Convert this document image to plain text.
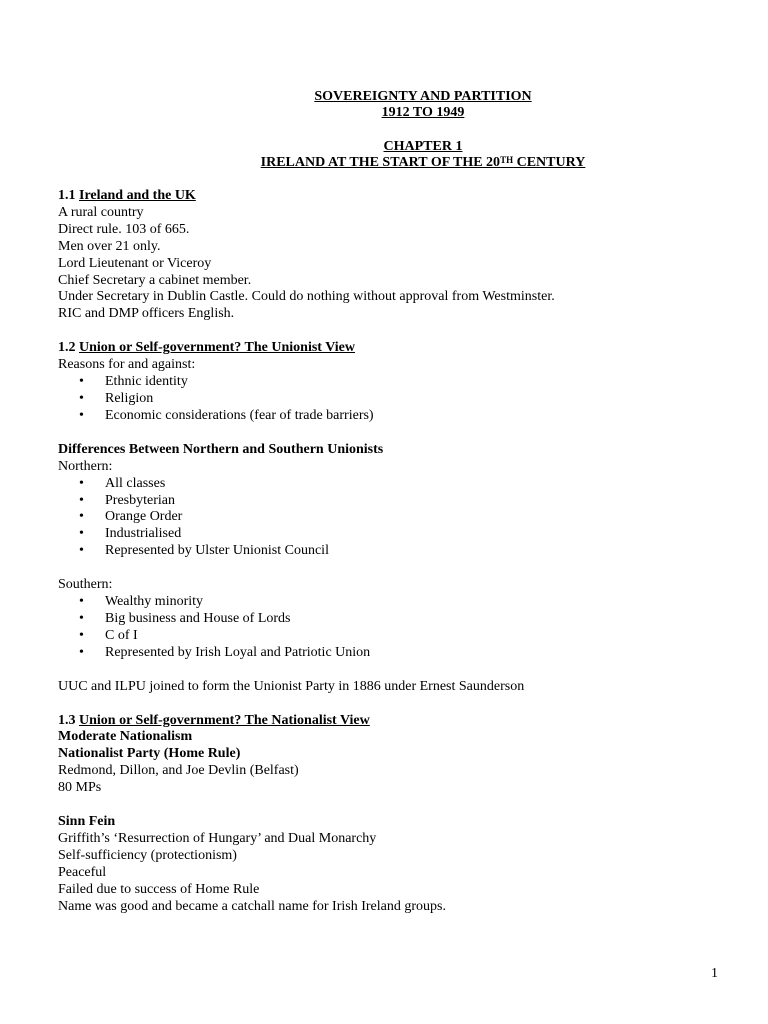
SOVEREIGNTY AND PARTITION
1912 TO 1949
CHAPTER 1
IRELAND AT THE START OF THE 20TH CENTURY
1.1 Ireland and the UK
A rural country
Direct rule. 103 of 665.
Men over 21 only.
Lord Lieutenant or Viceroy
Chief Secretary a cabinet member.
Under Secretary in Dublin Castle. Could do nothing without approval from Westminster.
RIC and DMP officers English.
1.2 Union or Self-government? The Unionist View
Reasons for and against:
• Ethnic identity
• Religion
• Economic considerations (fear of trade barriers)
Differences Between Northern and Southern Unionists
Northern:
• All classes
• Presbyterian
• Orange Order
• Industrialised
• Represented by Ulster Unionist Council
Southern:
• Wealthy minority
• Big business and House of Lords
• C of I
• Represented by Irish Loyal and Patriotic Union
UUC and ILPU joined to form the Unionist Party in 1886 under Ernest Saunderson
1.3 Union or Self-government? The Nationalist View
Moderate Nationalism
Nationalist Party (Home Rule)
Redmond, Dillon, and Joe Devlin (Belfast)
80 MPs
Sinn Fein
Griffith’s ‘Resurrection of Hungary’ and Dual Monarchy
Self-sufficiency (protectionism)
Peaceful
Failed due to success of Home Rule
Name was good and became a catchall name for Irish Ireland groups.
1
